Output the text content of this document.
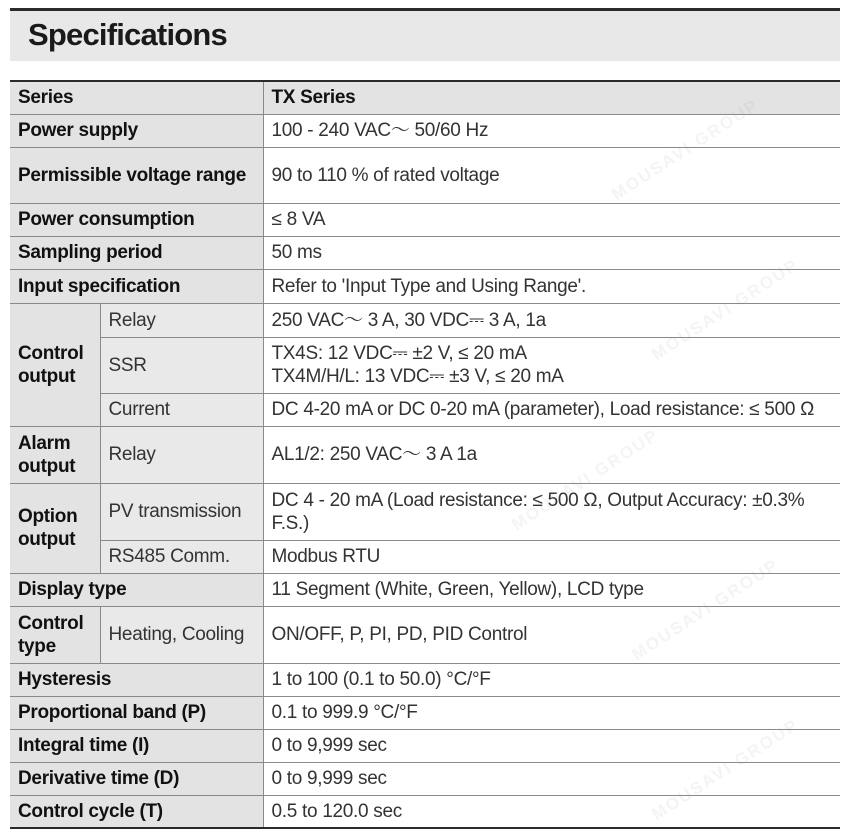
Specifications
Series		TX Series
Power supply		100 - 240 VAC～ 50/60 Hz
Permissible voltage range		90 to 110 % of rated voltage
Power consumption		≤ 8 VA
Sampling period		50 ms
Input specification		Refer to 'Input Type and Using Range'.
Control output	Relay	250 VAC～ 3 A, 30 VDC⎓ 3 A, 1a
	SSR	TX4S: 12 VDC⎓ ±2 V, ≤ 20 mA
TX4M/H/L: 13 VDC⎓ ±3 V, ≤ 20 mA

	Current	DC 4-20 mA or DC 0-20 mA (parameter), Load resistance: ≤ 500 Ω
Alarm output	Relay	AL1/2: 250 VAC～ 3 A 1a
Option output	PV transmission	DC 4 - 20 mA (Load resistance: ≤ 500 Ω, Output Accuracy: ±0.3% F.S.)
	RS485 Comm.	Modbus RTU
Display type		11 Segment (White, Green, Yellow), LCD type
Control type	Heating, Cooling	ON/OFF, P, PI, PD, PID Control
Hysteresis		1 to 100 (0.1 to 50.0) °C/°F
Proportional band (P)		0.1 to 999.9 °C/°F
Integral time (I)		0 to 9,999 sec
Derivative time (D)		0 to 9,999 sec
Control cycle (T)		0.5 to 120.0 sec
